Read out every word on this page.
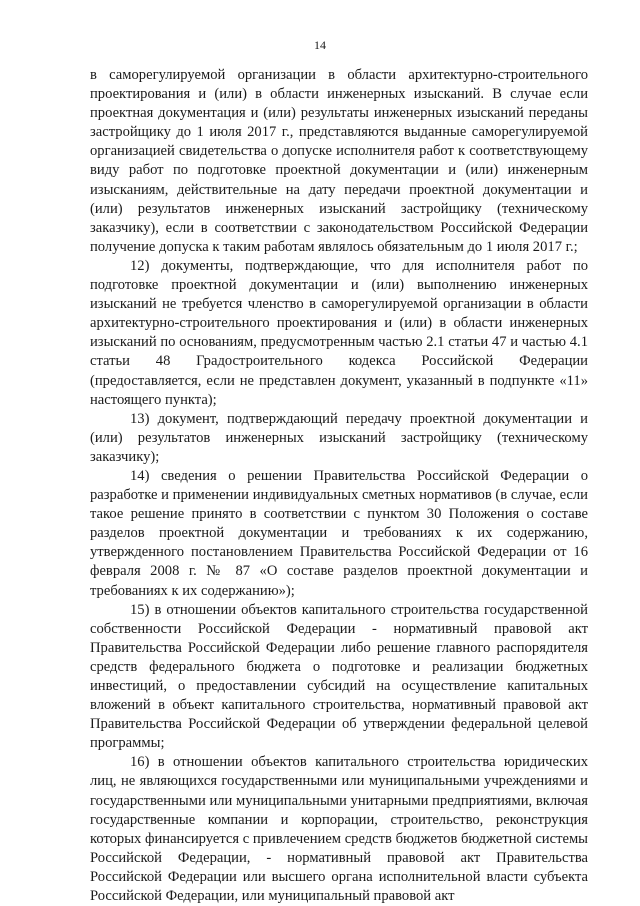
14

в саморегулируемой организации в области архитектурно-строительного проектирования и (или) в области инженерных изысканий. В случае если проектная документация и (или) результаты инженерных изысканий переданы застройщику до 1 июля 2017 г., представляются выданные саморегулируемой организацией свидетельства о допуске исполнителя работ к соответствующему виду работ по подготовке проектной документации и (или) инженерным изысканиям, действительные на дату передачи проектной документации и (или) результатов инженерных изысканий застройщику (техническому заказчику), если в соответствии с законодательством Российской Федерации получение допуска к таким работам являлось обязательным до 1 июля 2017 г.;

12) документы, подтверждающие, что для исполнителя работ по подготовке проектной документации и (или) выполнению инженерных изысканий не требуется членство в саморегулируемой организации в области архитектурно-строительного проектирования и (или) в области инженерных изысканий по основаниям, предусмотренным частью 2.1 статьи 47 и частью 4.1 статьи 48 Градостроительного кодекса Российской Федерации (предоставляется, если не представлен документ, указанный в подпункте «11» настоящего пункта);

13) документ, подтверждающий передачу проектной документации и (или) результатов инженерных изысканий застройщику (техническому заказчику);

14) сведения о решении Правительства Российской Федерации о разработке и применении индивидуальных сметных нормативов (в случае, если такое решение принято в соответствии с пунктом 30 Положения о составе разделов проектной документации и требованиях к их содержанию, утвержденного постановлением Правительства Российской Федерации от 16 февраля 2008 г. № 87 «О составе разделов проектной документации и требованиях к их содержанию»);

15) в отношении объектов капитального строительства государственной собственности Российской Федерации - нормативный правовой акт Правительства Российской Федерации либо решение главного распорядителя средств федерального бюджета о подготовке и реализации бюджетных инвестиций, о предоставлении субсидий на осуществление капитальных вложений в объект капитального строительства, нормативный правовой акт Правительства Российской Федерации об утверждении федеральной целевой программы;

16) в отношении объектов капитального строительства юридических лиц, не являющихся государственными или муниципальными учреждениями и государственными или муниципальными унитарными предприятиями, включая государственные компании и корпорации, строительство, реконструкция которых финансируется с привлечением средств бюджетов бюджетной системы Российской Федерации, - нормативный правовой акт Правительства Российской Федерации или высшего органа исполнительной власти субъекта Российской Федерации, или муниципальный правовой акт
